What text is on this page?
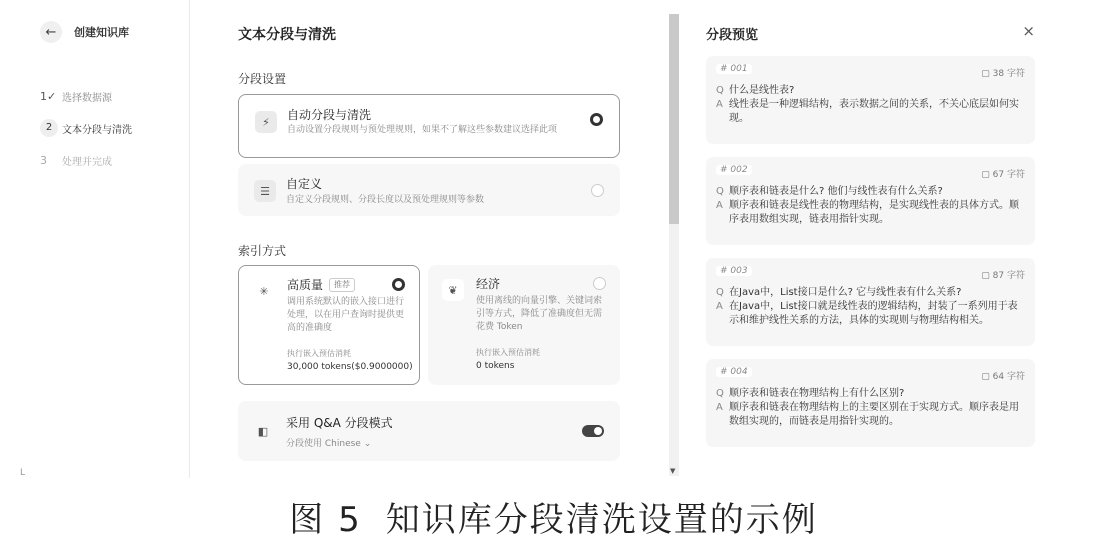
←	创建知识库
1✓ 选择数据源
2 文本分段与清洗
3	处理并完成
L
文本分段与清洗
分段设置
⚡	自动分段与清洗
自动设置分段规则与预处理规则，如果不了解这些参数建议选择此项
☰	自定义
自定义分段规则、分段长度以及预处理规则等参数
索引方式
✳	高质量 推荐
调用系统默认的嵌入接口进行处理，以在用户查询时提供更高的准确度
执行嵌入预估消耗
30,000 tokens($0.9000000)
❦	经济
使用离线的向量引擎、关键词索引等方式，降低了准确度但无需花费 Token
执行嵌入预估消耗
0 tokens
◧
采用 Q&A 分段模式
分段使用 Chinese ⌄
▼
分段预览	×
# 001	▢ 38 字符
Q 什么是线性表?
A 线性表是一种逻辑结构，表示数据之间的关系，不关心底层如何实现。
# 002	▢ 67 字符
Q 顺序表和链表是什么? 他们与线性表有什么关系?
A 顺序表和链表是线性表的物理结构，是实现线性表的具体方式。顺序表用数组实现，链表用指针实现。
# 003	▢ 87 字符
Q 在Java中，List接口是什么? 它与线性表有什么关系?
A 在Java中，List接口就是线性表的逻辑结构，封装了一系列用于表示和维护线性关系的方法，具体的实现则与物理结构相关。
# 004	▢ 64 字符
Q 顺序表和链表在物理结构上有什么区别?
A 顺序表和链表在物理结构上的主要区别在于实现方式。顺序表是用数组实现的，而链表是用指针实现的。
图 5 知识库分段清洗设置的示例
